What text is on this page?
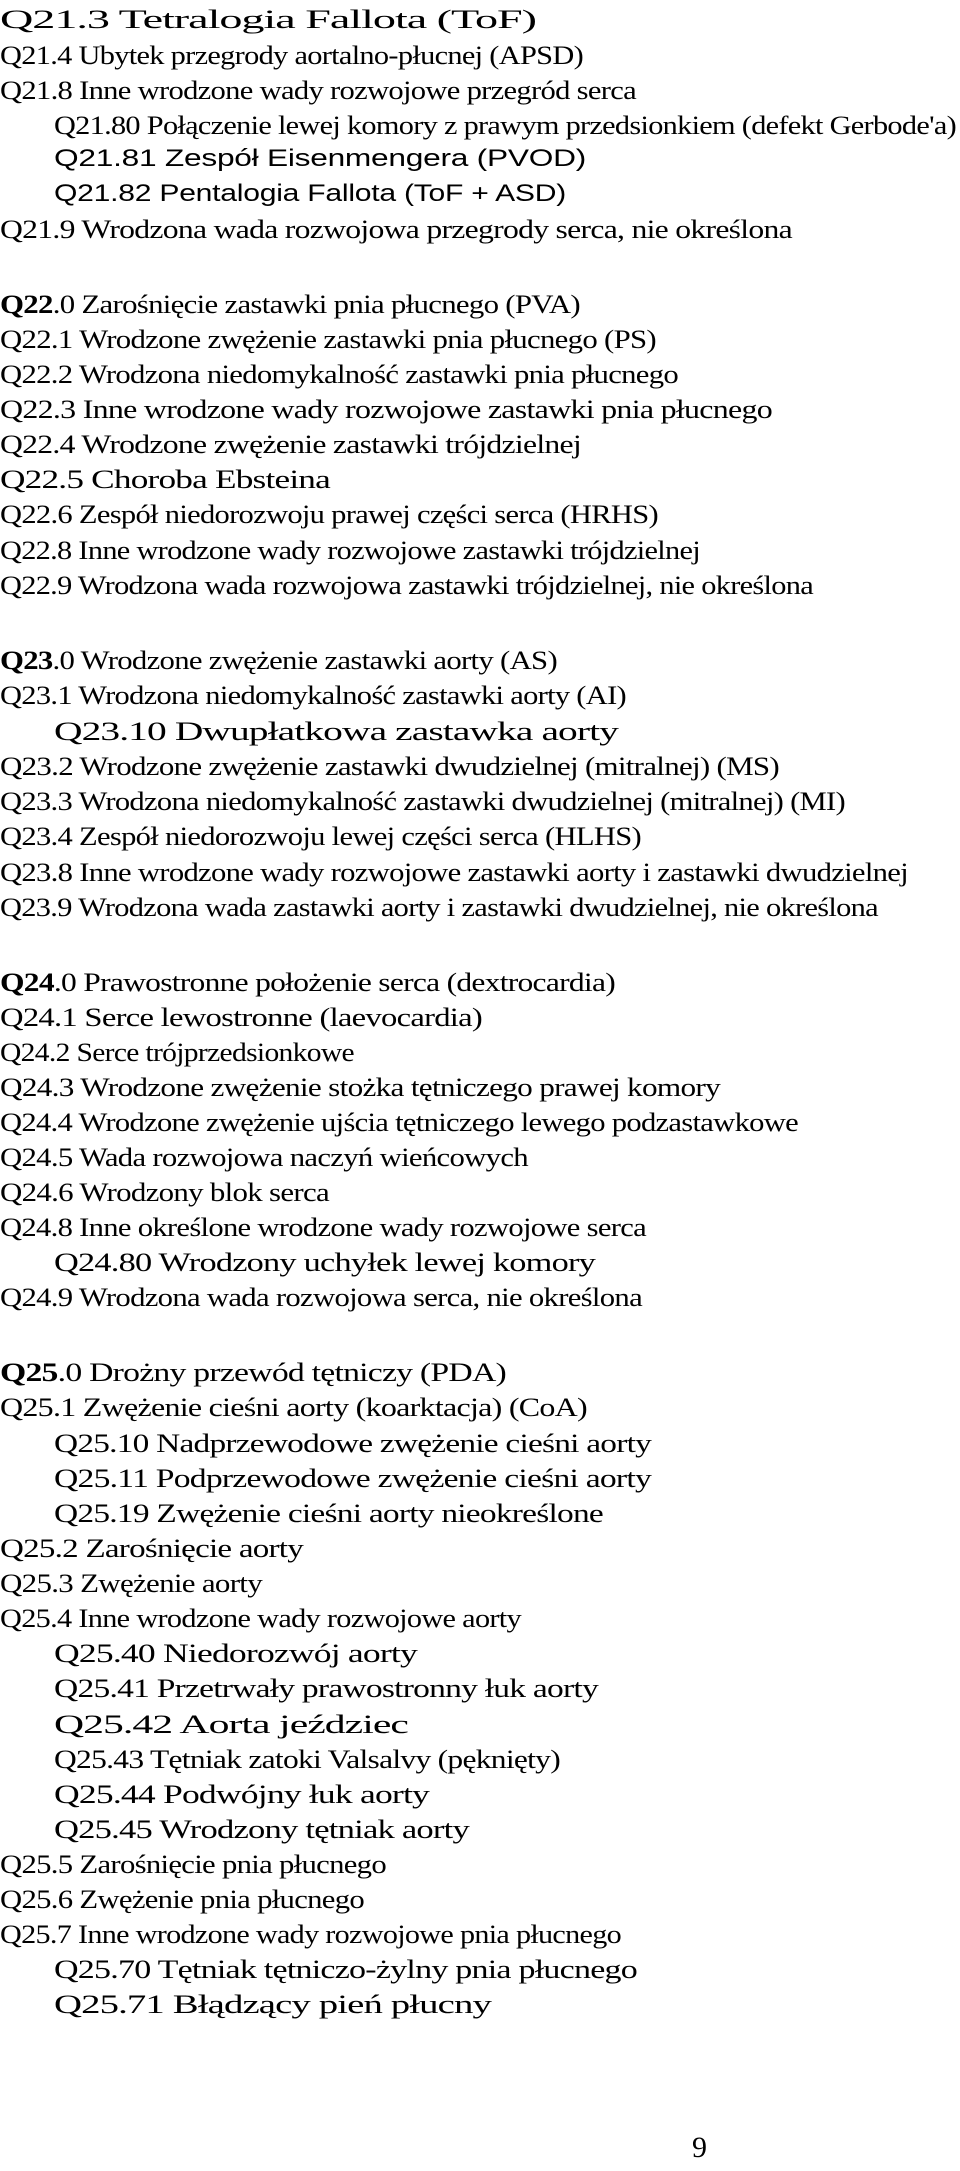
Q21.3 Tetralogia Fallota (ToF)
Q21.4 Ubytek przegrody aortalno-płucnej (APSD)
Q21.8 Inne wrodzone wady rozwojowe przegród serca
Q21.80 Połączenie lewej komory z prawym przedsionkiem (defekt Gerbode'a)
Q21.81 Zespół Eisenmengera (PVOD)
Q21.82 Pentalogia Fallota (ToF + ASD)
Q21.9 Wrodzona wada rozwojowa przegrody serca, nie określona
Q22.0 Zarośnięcie zastawki pnia płucnego (PVA)
Q22.1 Wrodzone zwężenie zastawki pnia płucnego (PS)
Q22.2 Wrodzona niedomykalność zastawki pnia płucnego
Q22.3 Inne wrodzone wady rozwojowe zastawki pnia płucnego
Q22.4 Wrodzone zwężenie zastawki trójdzielnej
Q22.5 Choroba Ebsteina
Q22.6 Zespół niedorozwoju prawej części serca (HRHS)
Q22.8 Inne wrodzone wady rozwojowe zastawki trójdzielnej
Q22.9 Wrodzona wada rozwojowa zastawki trójdzielnej, nie określona
Q23.0 Wrodzone zwężenie zastawki aorty (AS)
Q23.1 Wrodzona niedomykalność zastawki aorty (AI)
Q23.10 Dwupłatkowa zastawka aorty
Q23.2 Wrodzone zwężenie zastawki dwudzielnej (mitralnej) (MS)
Q23.3 Wrodzona niedomykalność zastawki dwudzielnej (mitralnej) (MI)
Q23.4 Zespół niedorozwoju lewej części serca (HLHS)
Q23.8 Inne wrodzone wady rozwojowe zastawki aorty i zastawki dwudzielnej
Q23.9 Wrodzona wada zastawki aorty i zastawki dwudzielnej, nie określona
Q24.0 Prawostronne położenie serca (dextrocardia)
Q24.1 Serce lewostronne (laevocardia)
Q24.2 Serce trójprzedsionkowe
Q24.3 Wrodzone zwężenie stożka tętniczego prawej komory
Q24.4 Wrodzone zwężenie ujścia tętniczego lewego podzastawkowe
Q24.5 Wada rozwojowa naczyń wieńcowych
Q24.6 Wrodzony blok serca
Q24.8 Inne określone wrodzone wady rozwojowe serca
Q24.80 Wrodzony uchyłek lewej komory
Q24.9 Wrodzona wada rozwojowa serca, nie określona
Q25.0 Drożny przewód tętniczy (PDA)
Q25.1 Zwężenie cieśni aorty (koarktacja) (CoA)
Q25.10 Nadprzewodowe zwężenie cieśni aorty
Q25.11 Podprzewodowe zwężenie cieśni aorty
Q25.19 Zwężenie cieśni aorty nieokreślone
Q25.2 Zarośnięcie aorty
Q25.3 Zwężenie aorty
Q25.4 Inne wrodzone wady rozwojowe aorty
Q25.40 Niedorozwój aorty
Q25.41 Przetrwały prawostronny łuk aorty
Q25.42 Aorta jeździec
Q25.43 Tętniak zatoki Valsalvy (pęknięty)
Q25.44 Podwójny łuk aorty
Q25.45 Wrodzony tętniak aorty
Q25.5 Zarośnięcie pnia płucnego
Q25.6 Zwężenie pnia płucnego
Q25.7 Inne wrodzone wady rozwojowe pnia płucnego
Q25.70 Tętniak tętniczo-żylny pnia płucnego
Q25.71 Błądzący pień płucny
9
